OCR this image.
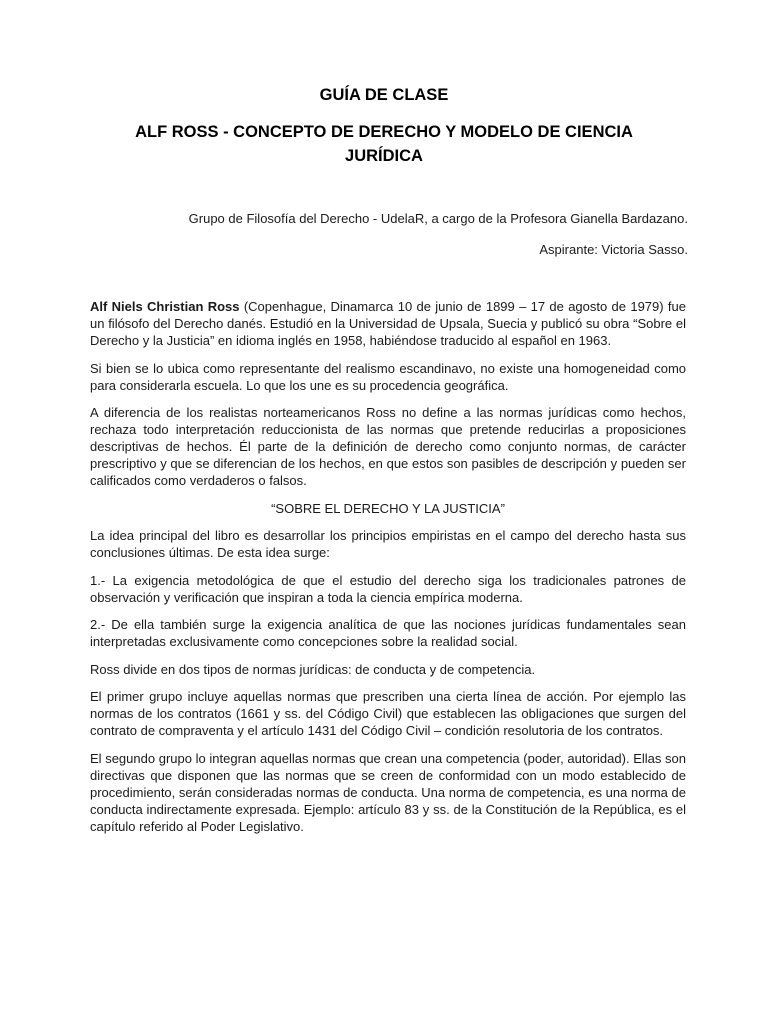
GUÍA DE CLASE
ALF ROSS - CONCEPTO DE DERECHO Y MODELO DE CIENCIA JURÍDICA

Grupo de Filosofía del Derecho - UdelaR, a cargo de la Profesora Gianella Bardazano.

Aspirante: Victoria Sasso.

Alf Niels Christian Ross (Copenhague, Dinamarca 10 de junio de 1899 – 17 de agosto de 1979) fue un filósofo del Derecho danés. Estudió en la Universidad de Upsala, Suecia y publicó su obra “Sobre el Derecho y la Justicia” en idioma inglés en 1958, habiéndose traducido al español en 1963.

Si bien se lo ubica como representante del realismo escandinavo, no existe una homogeneidad como para considerarla escuela. Lo que los une es su procedencia geográfica.

A diferencia de los realistas norteamericanos Ross no define a las normas jurídicas como hechos, rechaza todo interpretación reduccionista de las normas que pretende reducirlas a proposiciones descriptivas de hechos. Él parte de la definición de derecho como conjunto normas, de carácter prescriptivo y que se diferencian de los hechos, en que estos son pasibles de descripción y pueden ser calificados como verdaderos o falsos.

“SOBRE EL DERECHO Y LA JUSTICIA”

La idea principal del libro es desarrollar los principios empiristas en el campo del derecho hasta sus conclusiones últimas. De esta idea surge:

1.- La exigencia metodológica de que el estudio del derecho siga los tradicionales patrones de observación y verificación que inspiran a toda la ciencia empírica moderna.

2.- De ella también surge la exigencia analítica de que las nociones jurídicas fundamentales sean interpretadas exclusivamente como concepciones sobre la realidad social.

Ross divide en dos tipos de normas jurídicas: de conducta y de competencia.

El primer grupo incluye aquellas normas que prescriben una cierta línea de acción. Por ejemplo las normas de los contratos (1661 y ss. del Código Civil) que establecen las obligaciones que surgen del contrato de compraventa y el artículo 1431 del Código Civil – condición resolutoria de los contratos.

El segundo grupo lo integran aquellas normas que crean una competencia (poder, autoridad). Ellas son directivas que disponen que las normas que se creen de conformidad con un modo establecido de procedimiento, serán consideradas normas de conducta. Una norma de competencia, es una norma de conducta indirectamente expresada. Ejemplo: artículo 83 y ss. de la Constitución de la República, es el capítulo referido al Poder Legislativo.
